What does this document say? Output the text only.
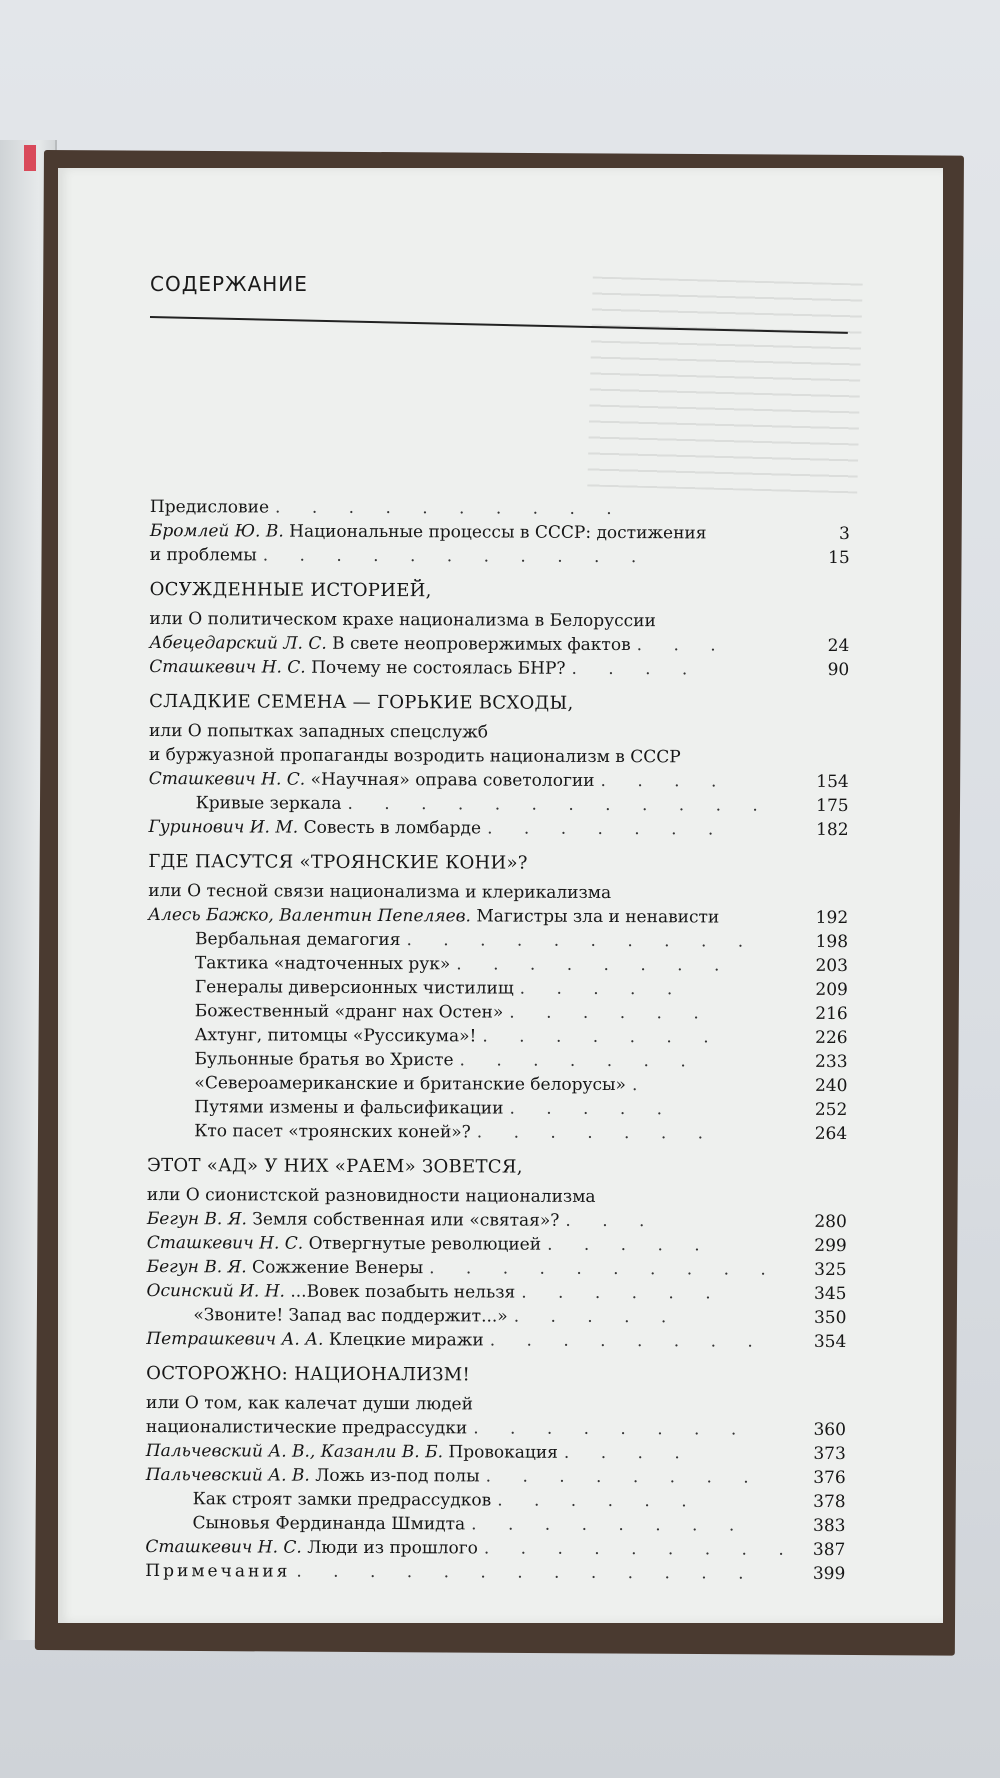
СОДЕРЖАНИЕ
Предисловие . . . . . . . . . .
Бромлей Ю. В. Национальные процессы в СССР: достижения	3
и проблемы . . . . . . . . . . .	15
ОСУЖДЕННЫЕ ИСТОРИЕЙ,
или О политическом крахе национализма в Белоруссии
Абецедарский Л. С. В свете неопровержимых фактов . . .	24
Сташкевич Н. С. Почему не состоялась БНР? . . . .	90
СЛАДКИЕ СЕМЕНА — ГОРЬКИЕ ВСХОДЫ,
или О попытках западных спецслужб
и буржуазной пропаганды возродить национализм в СССР
Сташкевич Н. С. «Научная» оправа советологии . . . .	154
Кривые зеркала . . . . . . . . . . . .	175
Гуринович И. М. Совесть в ломбарде . . . . . . .	182
ГДЕ ПАСУТСЯ «ТРОЯНСКИЕ КОНИ»?
или О тесной связи национализма и клерикализма
Алесь Бажко, Валентин Пепеляев. Магистры зла и ненависти	192
Вербальная демагогия . . . . . . . . . .	198
Тактика «надточенных рук» . . . . . . . .	203
Генералы диверсионных чистилищ . . . . .	209
Божественный «дранг нах Остен» . . . . . .	216
Ахтунг, питомцы «Руссикума»! . . . . . . .	226
Бульонные братья во Христе . . . . . . .	233
«Североамериканские и британские белорусы» .	240
Путями измены и фальсификации . . . . .	252
Кто пасет «троянских коней»? . . . . . . .	264
ЭТОТ «АД» У НИХ «РАЕМ» ЗОВЕТСЯ,
или О сионистской разновидности национализма
Бегун В. Я. Земля собственная или «святая»? . . .	280
Сташкевич Н. С. Отвергнутые революцией . . . . .	299
Бегун В. Я. Сожжение Венеры . . . . . . . . . . 325
Осинский И. Н. ...Вовек позабыть нельзя . . . . . .	345
«Звоните! Запад вас поддержит...» . . . . .	350
Петрашкевич А. А. Клецкие миражи . . . . . . . .	354
ОСТОРОЖНО: НАЦИОНАЛИЗМ!
или О том, как калечат души людей
националистические предрассудки . . . . . . . .	360
Пальчевский А. В., Казанли В. Б. Провокация . . . .	373
Пальчевский А. В. Ложь из-под полы . . . . . . . .	376
Как строят замки предрассудков . . . . . .	378
Сыновья Фердинанда Шмидта . . . . . . . .	383
Сташкевич Н. С. Люди из прошлого . . . . . . . . . 387
Примечания . . . . . . . . . . . . .	399
